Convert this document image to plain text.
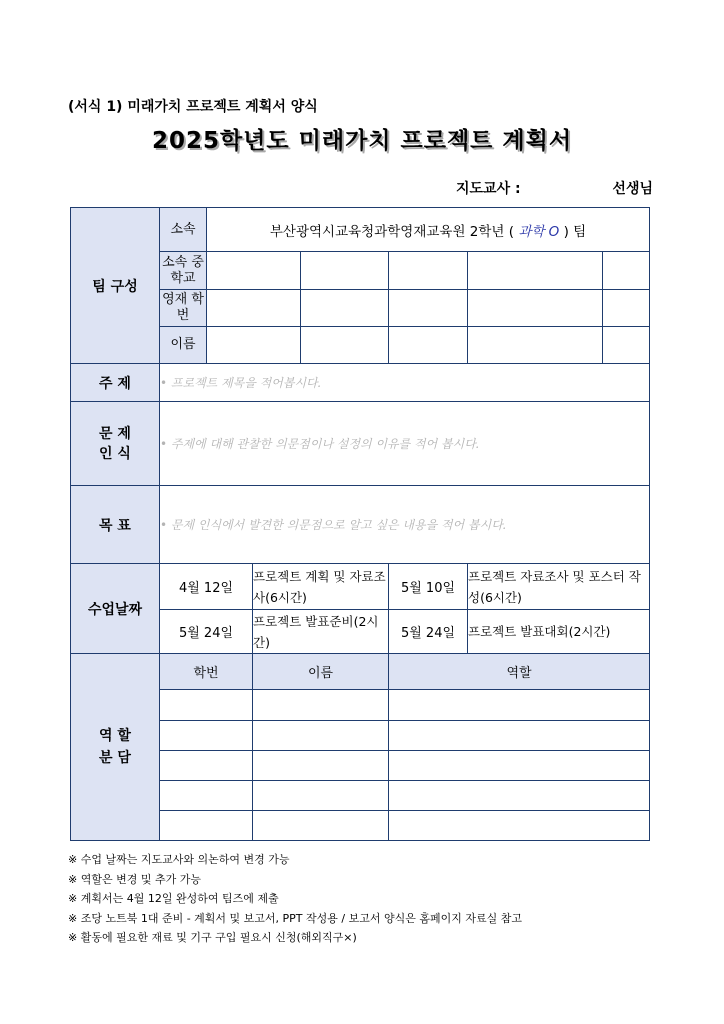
(서식 1) 미래가치 프로젝트 계획서 양식
2025학년도 미래가치 프로젝트 계획서
지도교사 :	선생님
팀 구성	소속	부산광역시교육청과학영재교육원 2학년 ( 과학 O ) 팀					
	소속 중학교						
	영재 학번						
	이름						
주 제	• 프로젝트 제목을 적어봅시다.						
문 제 인 식	• 주제에 대해 관찰한 의문점이나 설정의 이유를 적어 봅시다.						
목 표	• 문제 인식에서 발견한 의문점으로 알고 싶은 내용을 적어 봅시다.						
수업날짜	4월 12일		프로젝트 계획 및 자료조사(6시간)		5월 10일	프로젝트 자료조사 및 포스터 작성(6시간)	
	5월 24일		프로젝트 발표준비(2시간)		5월 24일	프로젝트 발표대회(2시간)	
역 할 분 담	학번		이름		역할		

※ 수업 날짜는 지도교사와 의논하여 변경 가능
※ 역할은 변경 및 추가 가능
※ 계획서는 4월 12일 완성하여 팀즈에 제출
※ 조당 노트북 1대 준비 - 계획서 및 보고서, PPT 작성용 / 보고서 양식은 홈페이지 자료실 참고
※ 활동에 필요한 재료 및 기구 구입 필요시 신청(해외직구×)
